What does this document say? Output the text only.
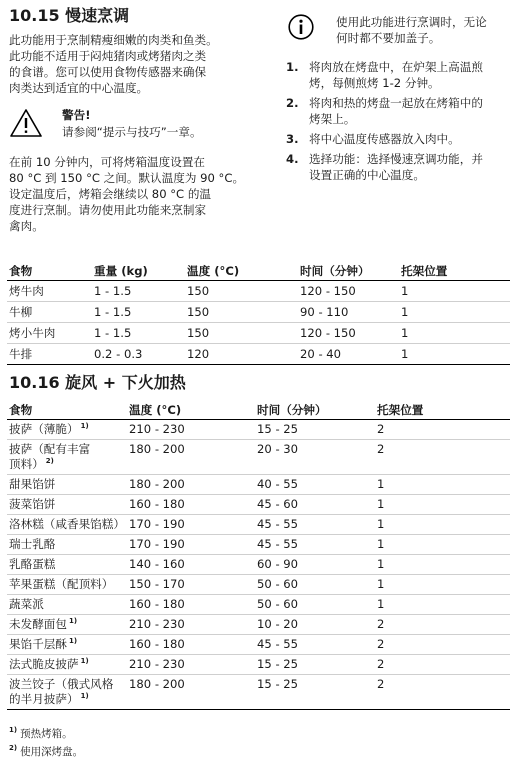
10.15 慢速烹调
此功能用于烹制精瘦细嫩的肉类和鱼类。
此功能不适用于闷炖猪肉或烤猪肉之类
的食谱。您可以使用食物传感器来确保
肉类达到适宜的中心温度。
警告!
请参阅“提示与技巧”一章。
在前 10 分钟内，可将烤箱温度设置在
80 °C 到 150 °C 之间。默认温度为 90 °C。
设定温度后，烤箱会继续以 80 °C 的温
度进行烹制。请勿使用此功能来烹制家
禽肉。
使用此功能进行烹调时，无论
何时都不要加盖子。
1. 将肉放在烤盘中，在炉架上高温煎
烤，每侧煎烤 1-2 分钟。
2. 将肉和热的烤盘一起放在烤箱中的
烤架上。
3. 将中心温度传感器放入肉中。
4. 选择功能：选择慢速烹调功能，并
设置正确的中心温度。
食物	重量 (kg)	温度 (°C)	时间（分钟）	托架位置
烤牛肉	1 - 1.5	150	120 - 150	1
牛柳	1 - 1.5	150	90 - 110	1
烤小牛肉	1 - 1.5	150	120 - 150	1
牛排	0.2 - 0.3	120	20 - 40	1
10.16 旋风 + 下火加热
食物	温度 (°C)	时间（分钟）	托架位置
披萨（薄脆） $^{1)}$	210 - 230	15 - 25	2
披萨（配有丰富
顶料） $^{2)}$	180 - 200	20 - 30	2
甜果馅饼	180 - 200	40 - 55	1
菠菜馅饼	160 - 180	45 - 60	1
洛林糕（咸香果馅糕）	170 - 190	45 - 55	1
瑞士乳酪	170 - 190	45 - 55	1
乳酪蛋糕	140 - 160	60 - 90	1
苹果蛋糕（配顶料）	150 - 170	50 - 60	1
蔬菜派	160 - 180	50 - 60	1
未发酵面包 $^{1)}$	210 - 230	10 - 20	2
果馅千层酥 $^{1)}$	160 - 180	45 - 55	2
法式脆皮披萨 $^{1)}$	210 - 230	15 - 25	2
波兰饺子（俄式风格
的半月披萨） $^{1)}$	180 - 200	15 - 25	2
$^{1)}$ 预热烤箱。
$^{2)}$ 使用深烤盘。
